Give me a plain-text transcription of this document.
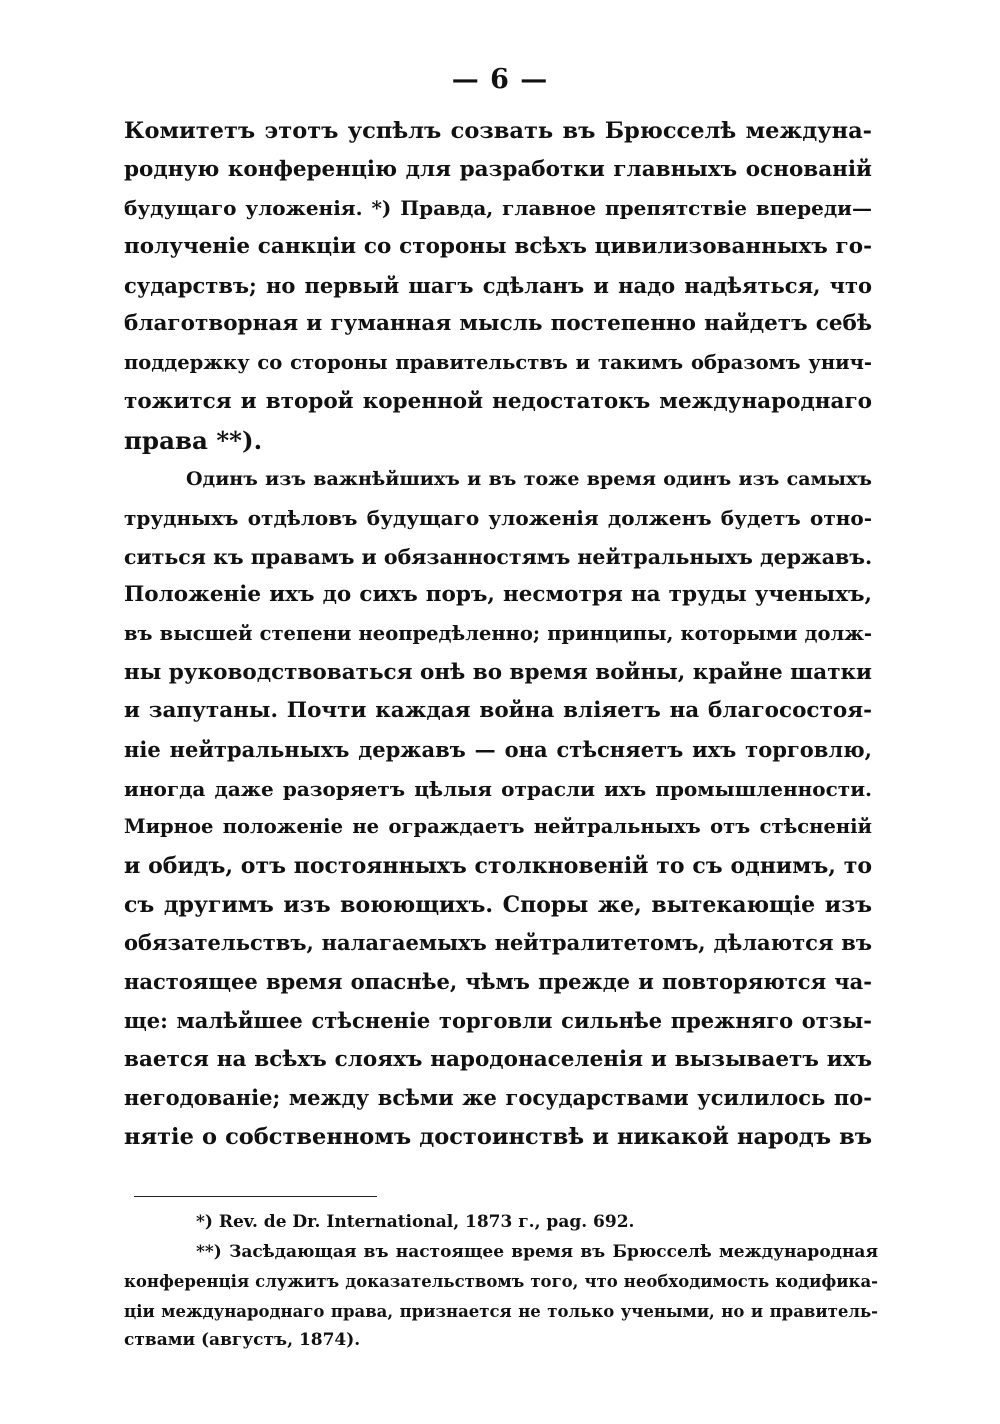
— 6 —
Комитетъ этотъ успѣлъ созвать въ Брюсселѣ междуна-
родную конференцію для разработки главныхъ основаній
будущаго уложенія. *) Правда, главное препятствіе впереди—
полученіе санкціи со стороны всѣхъ цивилизованныхъ го-
сударствъ; но первый шагъ сдѣланъ и надо надѣяться, что
благотворная и гуманная мысль постепенно найдетъ себѣ
поддержку со стороны правительствъ и такимъ образомъ унич-
тожится и второй коренной недостатокъ международнаго
права **).
Одинъ изъ важнѣйшихъ и въ тоже время одинъ изъ самыхъ
трудныхъ отдѣловъ будущаго уложенія долженъ будетъ отно-
ситься къ правамъ и обязанностямъ нейтральныхъ державъ.
Положеніе ихъ до сихъ поръ, несмотря на труды ученыхъ,
въ высшей степени неопредѣленно; принципы, которыми долж-
ны руководствоваться онѣ во время войны, крайне шатки
и запутаны. Почти каждая война вліяетъ на благосостоя-
ніе нейтральныхъ державъ — она стѣсняетъ ихъ торговлю,
иногда даже разоряетъ цѣлыя отрасли ихъ промышленности.
Мирное положеніе не ограждаетъ нейтральныхъ отъ стѣсненій
и обидъ, отъ постоянныхъ столкновеній то съ однимъ, то
съ другимъ изъ воюющихъ. Споры же, вытекающіе изъ
обязательствъ, налагаемыхъ нейтралитетомъ, дѣлаются въ
настоящее время опаснѣе, чѣмъ прежде и повторяются ча-
ще: малѣйшее стѣсненіе торговли сильнѣе прежняго отзы-
вается на всѣхъ слояхъ народонаселенія и вызываетъ ихъ
негодованіе; между всѣми же государствами усилилось по-
нятіе о собственномъ достоинствѣ и никакой народъ въ
*) Rev. de Dr. International, 1873 г., pag. 692.
**) Засѣдающая въ настоящее время въ Брюсселѣ международная
конференція служитъ доказательствомъ того, что необходимость кодифика-
ціи международнаго права, признается не только учеными, но и правитель-
ствами (августъ, 1874).
